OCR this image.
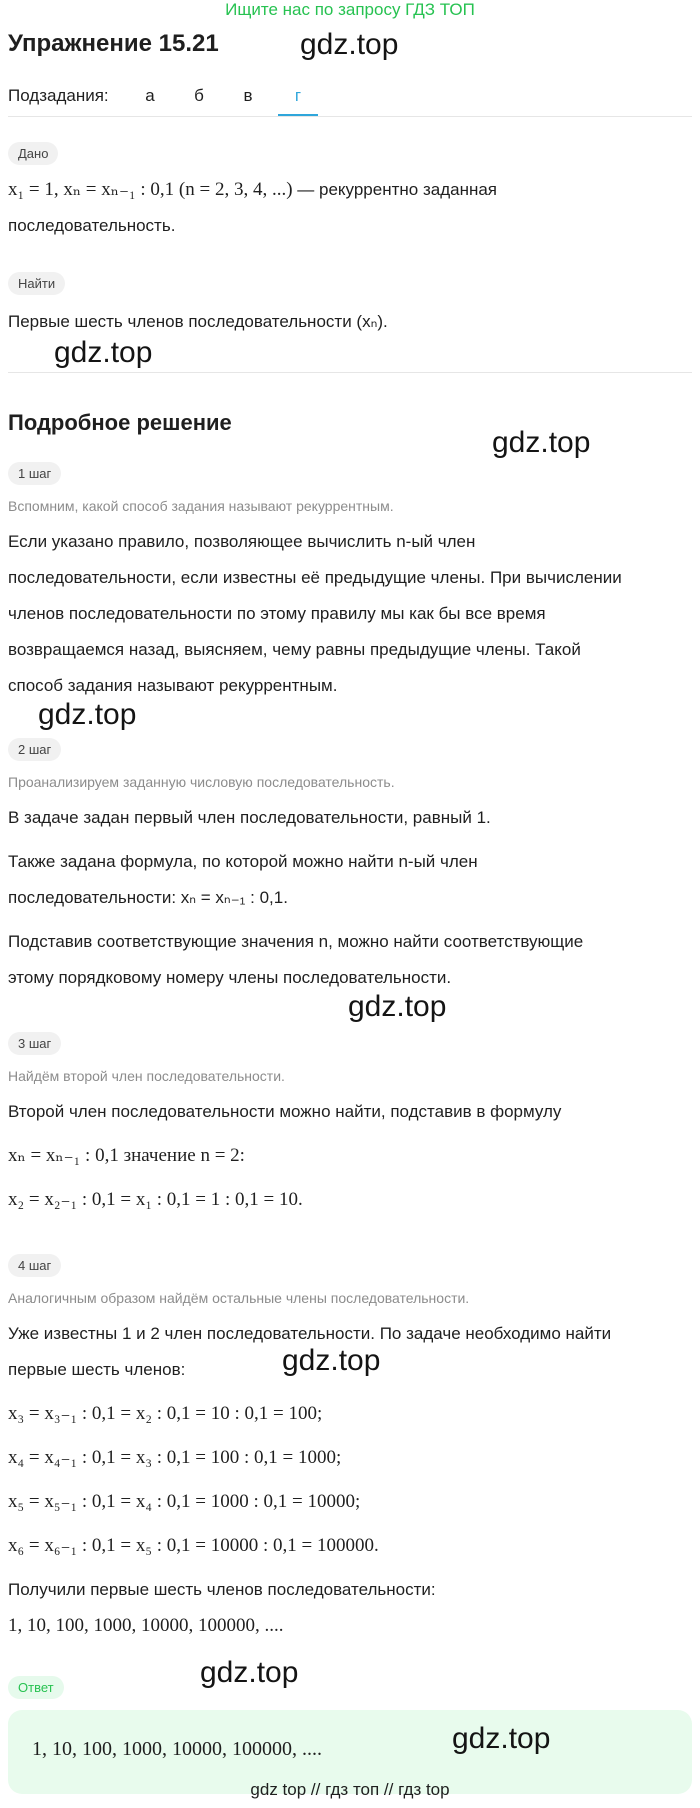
Ищите нас по запросу ГДЗ ТОП
Упражнение 15.21	gdz.top
Подзадания:	а	б	в	г
Дано
x₁ = 1, xₙ = xₙ₋₁ : 0,1 (n = 2, 3, 4, ...) — рекуррентно заданная
последовательность.
Найти
Первые шесть членов последовательности (xₙ).
gdz.top
Подробное решение
gdz.top
1 шаг
Вспомним, какой способ задания называют рекуррентным.
Если указано правило, позволяющее вычислить n-ый член
последовательности, если известны её предыдущие члены. При вычислении
членов последовательности по этому правилу мы как бы все время
возвращаемся назад, выясняем, чему равны предыдущие члены. Такой
способ задания называют рекуррентным.
gdz.top
2 шаг
Проанализируем заданную числовую последовательность.
В задаче задан первый член последовательности, равный 1.
Также задана формула, по которой можно найти n-ый член
последовательности: xₙ = xₙ₋₁ : 0,1.
Подставив соответствующие значения n, можно найти соответствующие
этому порядковому номеру члены последовательности.
gdz.top
3 шаг
Найдём второй член последовательности.
Второй член последовательности можно найти, подставив в формулу
xₙ = xₙ₋₁ : 0,1 значение n = 2:
x₂ = x₂₋₁ : 0,1 = x₁ : 0,1 = 1 : 0,1 = 10.
4 шаг
Аналогичным образом найдём остальные члены последовательности.
Уже известны 1 и 2 член последовательности. По задаче необходимо найти
первые шесть членов:
x₃ = x₃₋₁ : 0,1 = x₂ : 0,1 = 10 : 0,1 = 100;
x₄ = x₄₋₁ : 0,1 = x₃ : 0,1 = 100 : 0,1 = 1000;
x₅ = x₅₋₁ : 0,1 = x₄ : 0,1 = 1000 : 0,1 = 10000;
x₆ = x₆₋₁ : 0,1 = x₅ : 0,1 = 10000 : 0,1 = 100000.
Получили первые шесть членов последовательности:
1, 10, 100, 1000, 10000, 100000, ....
gdz.top
gdz.top
Ответ
1, 10, 100, 1000, 10000, 100000, ....	gdz.top
gdz top // гдз топ // гдз top
